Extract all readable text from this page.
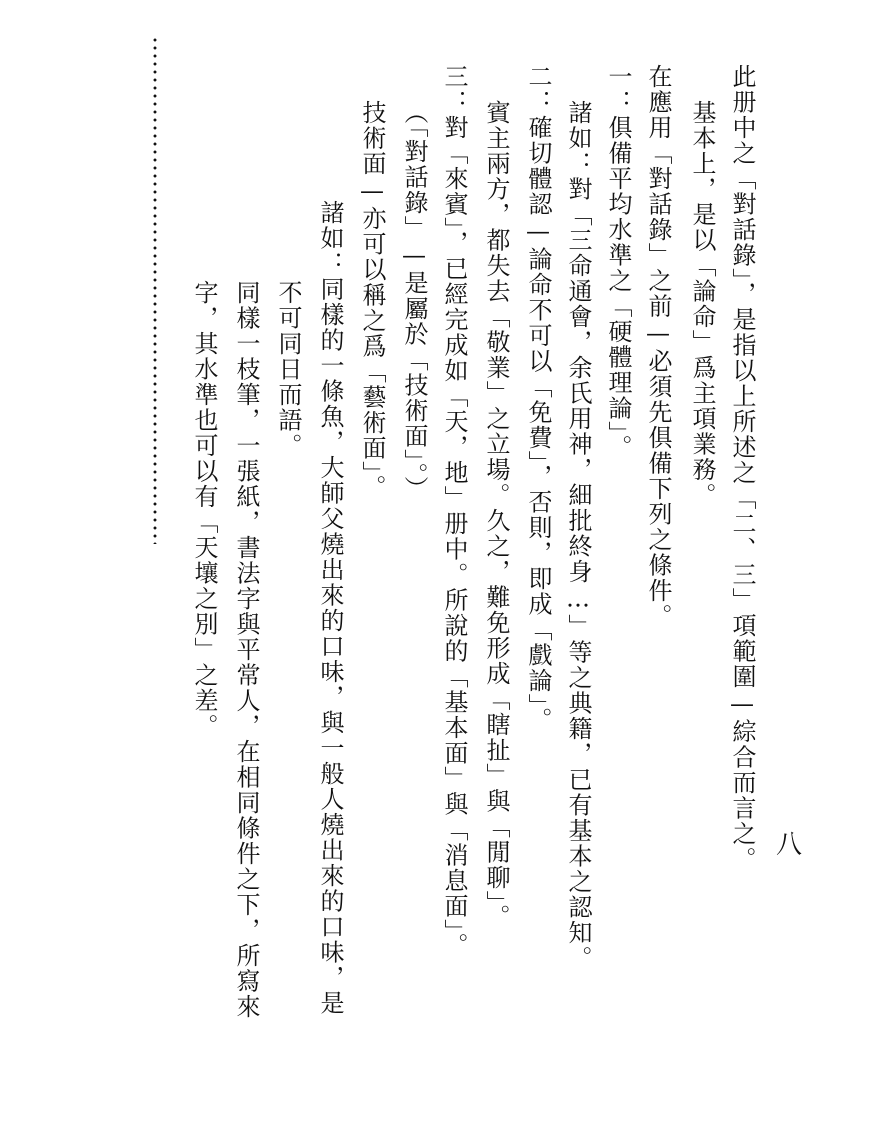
八
此册中之「對話錄」，是指以上所述之「二、三」項範圍—綜合而言之。
基本上，是以「論命」爲主項業務。
在應用「對話錄」之前—必須先俱備下列之條件。
一：俱備平均水準之「硬體理論」。
諸如：對「三命通會，余氏用神，細批終身…」等之典籍，已有基本之認知。
二：確切體認—論命不可以「免費」，否則，即成「戲論」。
賓主兩方，都失去「敬業」之立場。久之，難免形成「瞎扯」與「閒聊」。
三：對「來賓」，已經完成如「天，地」册中。所說的「基本面」與「消息面」。
（「對話錄」—是屬於「技術面」。）
技術面—亦可以稱之爲「藝術面」。
諸如：同樣的一條魚，大師父燒出來的口味，與一般人燒出來的口味，是
不可同日而語。
同樣一枝筆，一張紙，書法字與平常人，在相同條件之下，所寫來
字，其水準也可以有「天壤之別」之差。
